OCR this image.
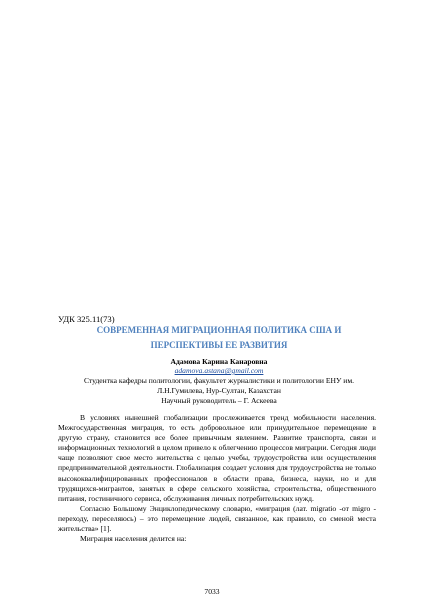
УДК 325.11(73)
СОВРЕМЕННАЯ МИГРАЦИОННАЯ ПОЛИТИКА США И
ПЕРСПЕКТИВЫ ЕЕ РАЗВИТИЯ
Адамова Карина Канаровна
adamova.astana@gmail.com
Студентка кафедры политологии, факультет журналистики и политологии ЕНУ им.
Л.Н.Гумилева, Нур-Султан, Казахстан
Научный руководитель – Г. Аскеева

В условиях нынешней глобализации прослеживается тренд мобильности населения. Межгосударственная миграция, то есть добровольное или принудительное перемещение в другую страну, становится все более привычным явлением. Развитие транспорта, связи и информационных технологий в целом привело к облегчению процессов миграции. Сегодня люди чаще позволяют свое место жительства с целью учебы, трудоустройства или осуществления предпринимательной деятельности. Глобализация создает условия для трудоустройства не только высококвалифицированных профессионалов в области права, бизнеса, науки, но и для трудящихся-мигрантов, занятых в сфере сельского хозяйства, строительства, общественного питания, гостиничного сервиса, обслуживания личных потребительских нужд.

Согласно Большому Энциклопедическому словарю, «миграция (лат. migratio -от migro - переходу, переселяюсь) – это перемещение людей, связанное, как правило, со сменой места жительства» [1].

Миграция населения делится на:

7033
